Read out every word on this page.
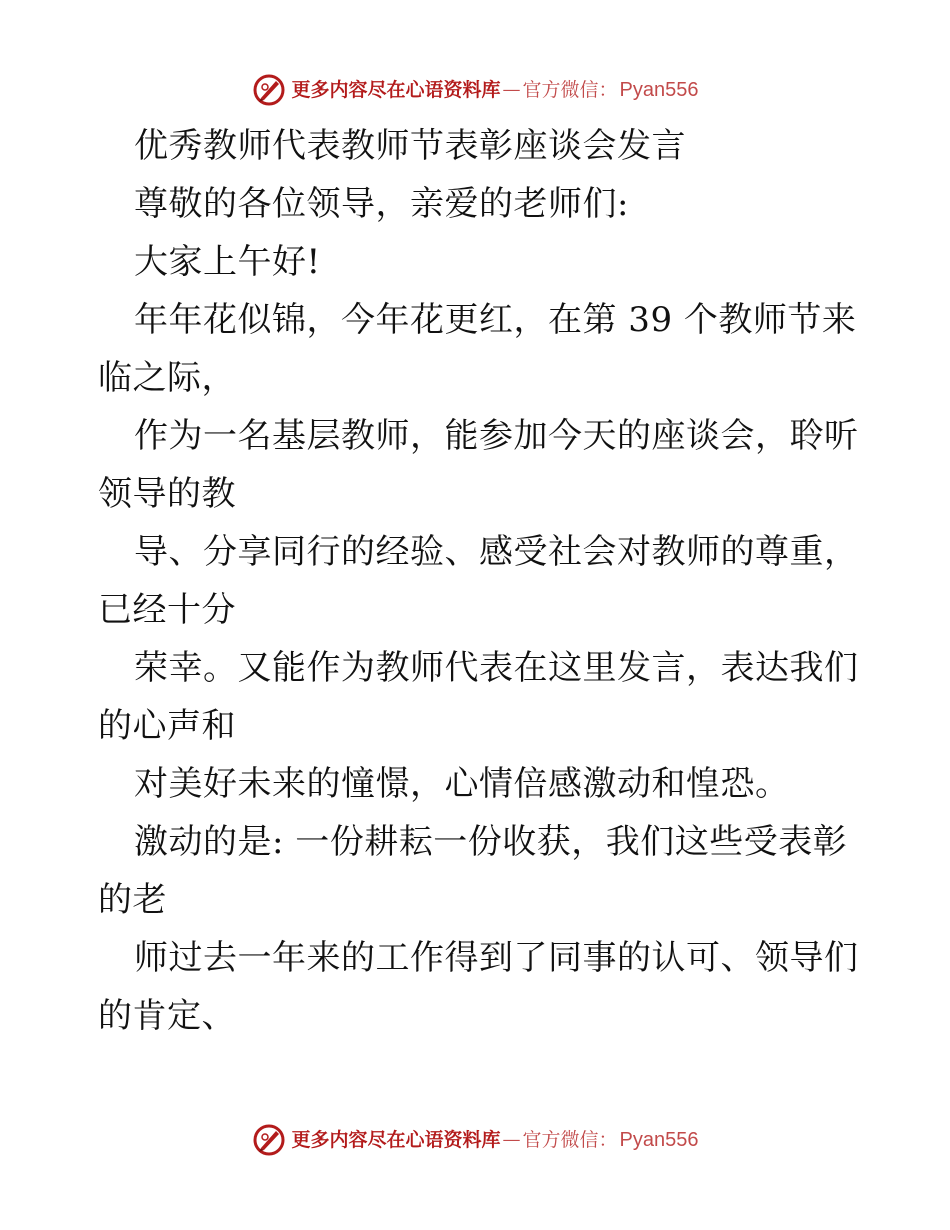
更多内容尽在心语资料库 — 官方微信： Pyan556
优秀教师代表教师节表彰座谈会发言
尊敬的各位领导，亲爱的老师们:
大家上午好!
年年花似锦，今年花更红，在第 39 个教师节来
临之际，
作为一名基层教师，能参加今天的座谈会，聆听
领导的教
导、分享同行的经验、感受社会对教师的尊重，
已经十分
荣幸。又能作为教师代表在这里发言，表达我们
的心声和
对美好未来的憧憬，心情倍感激动和惶恐。
激动的是: 一份耕耘一份收获，我们这些受表彰
的老
师过去一年来的工作得到了同事的认可、领导们
的肯定、
更多内容尽在心语资料库 — 官方微信： Pyan556
